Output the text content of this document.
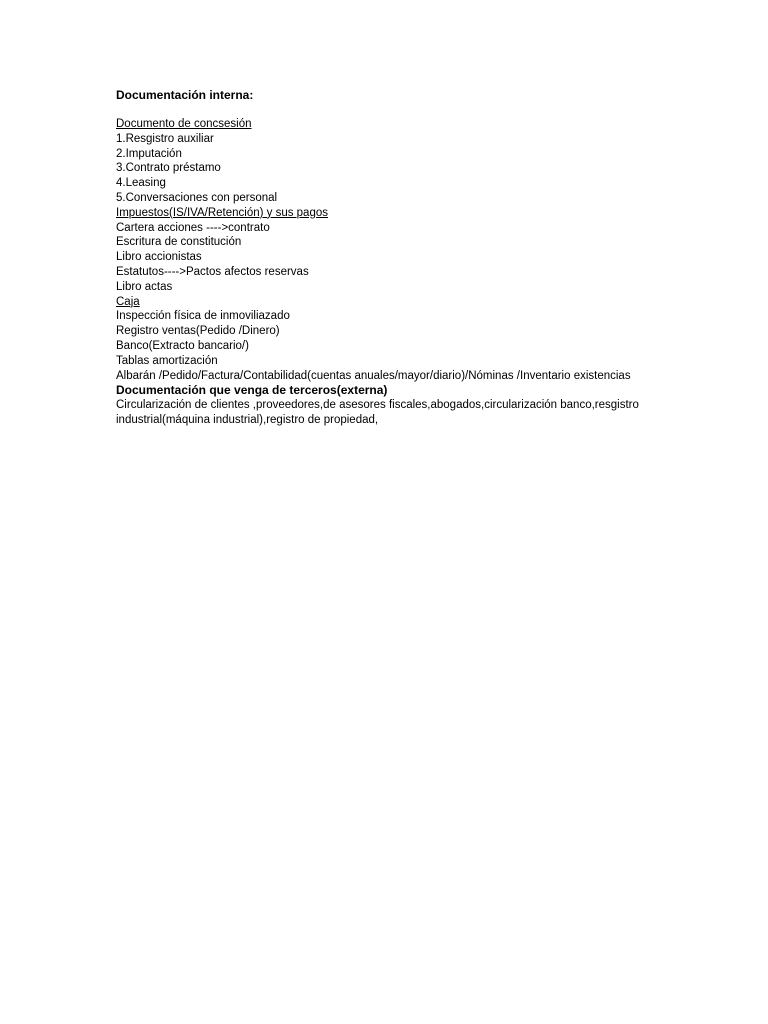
Documentación interna:
Documento de concsesión
1.Resgistro auxiliar
2.Imputación
3.Contrato préstamo
4.Leasing
5.Conversaciones con personal
Impuestos(IS/IVA/Retención) y sus pagos
Cartera acciones ---->contrato
Escritura de constitución
Libro accionistas
Estatutos---->Pactos afectos reservas
Libro actas
Caja
Inspección física de inmoviliazado
Registro ventas(Pedido /Dinero)
Banco(Extracto bancario/)
Tablas amortización
Albarán /Pedido/Factura/Contabilidad(cuentas anuales/mayor/diario)/Nóminas /Inventario existencias
Documentación que venga de terceros(externa)
Circularización de clientes ,proveedores,de asesores fiscales,abogados,circularización banco,resgistro industrial(máquina industrial),registro de propiedad,
